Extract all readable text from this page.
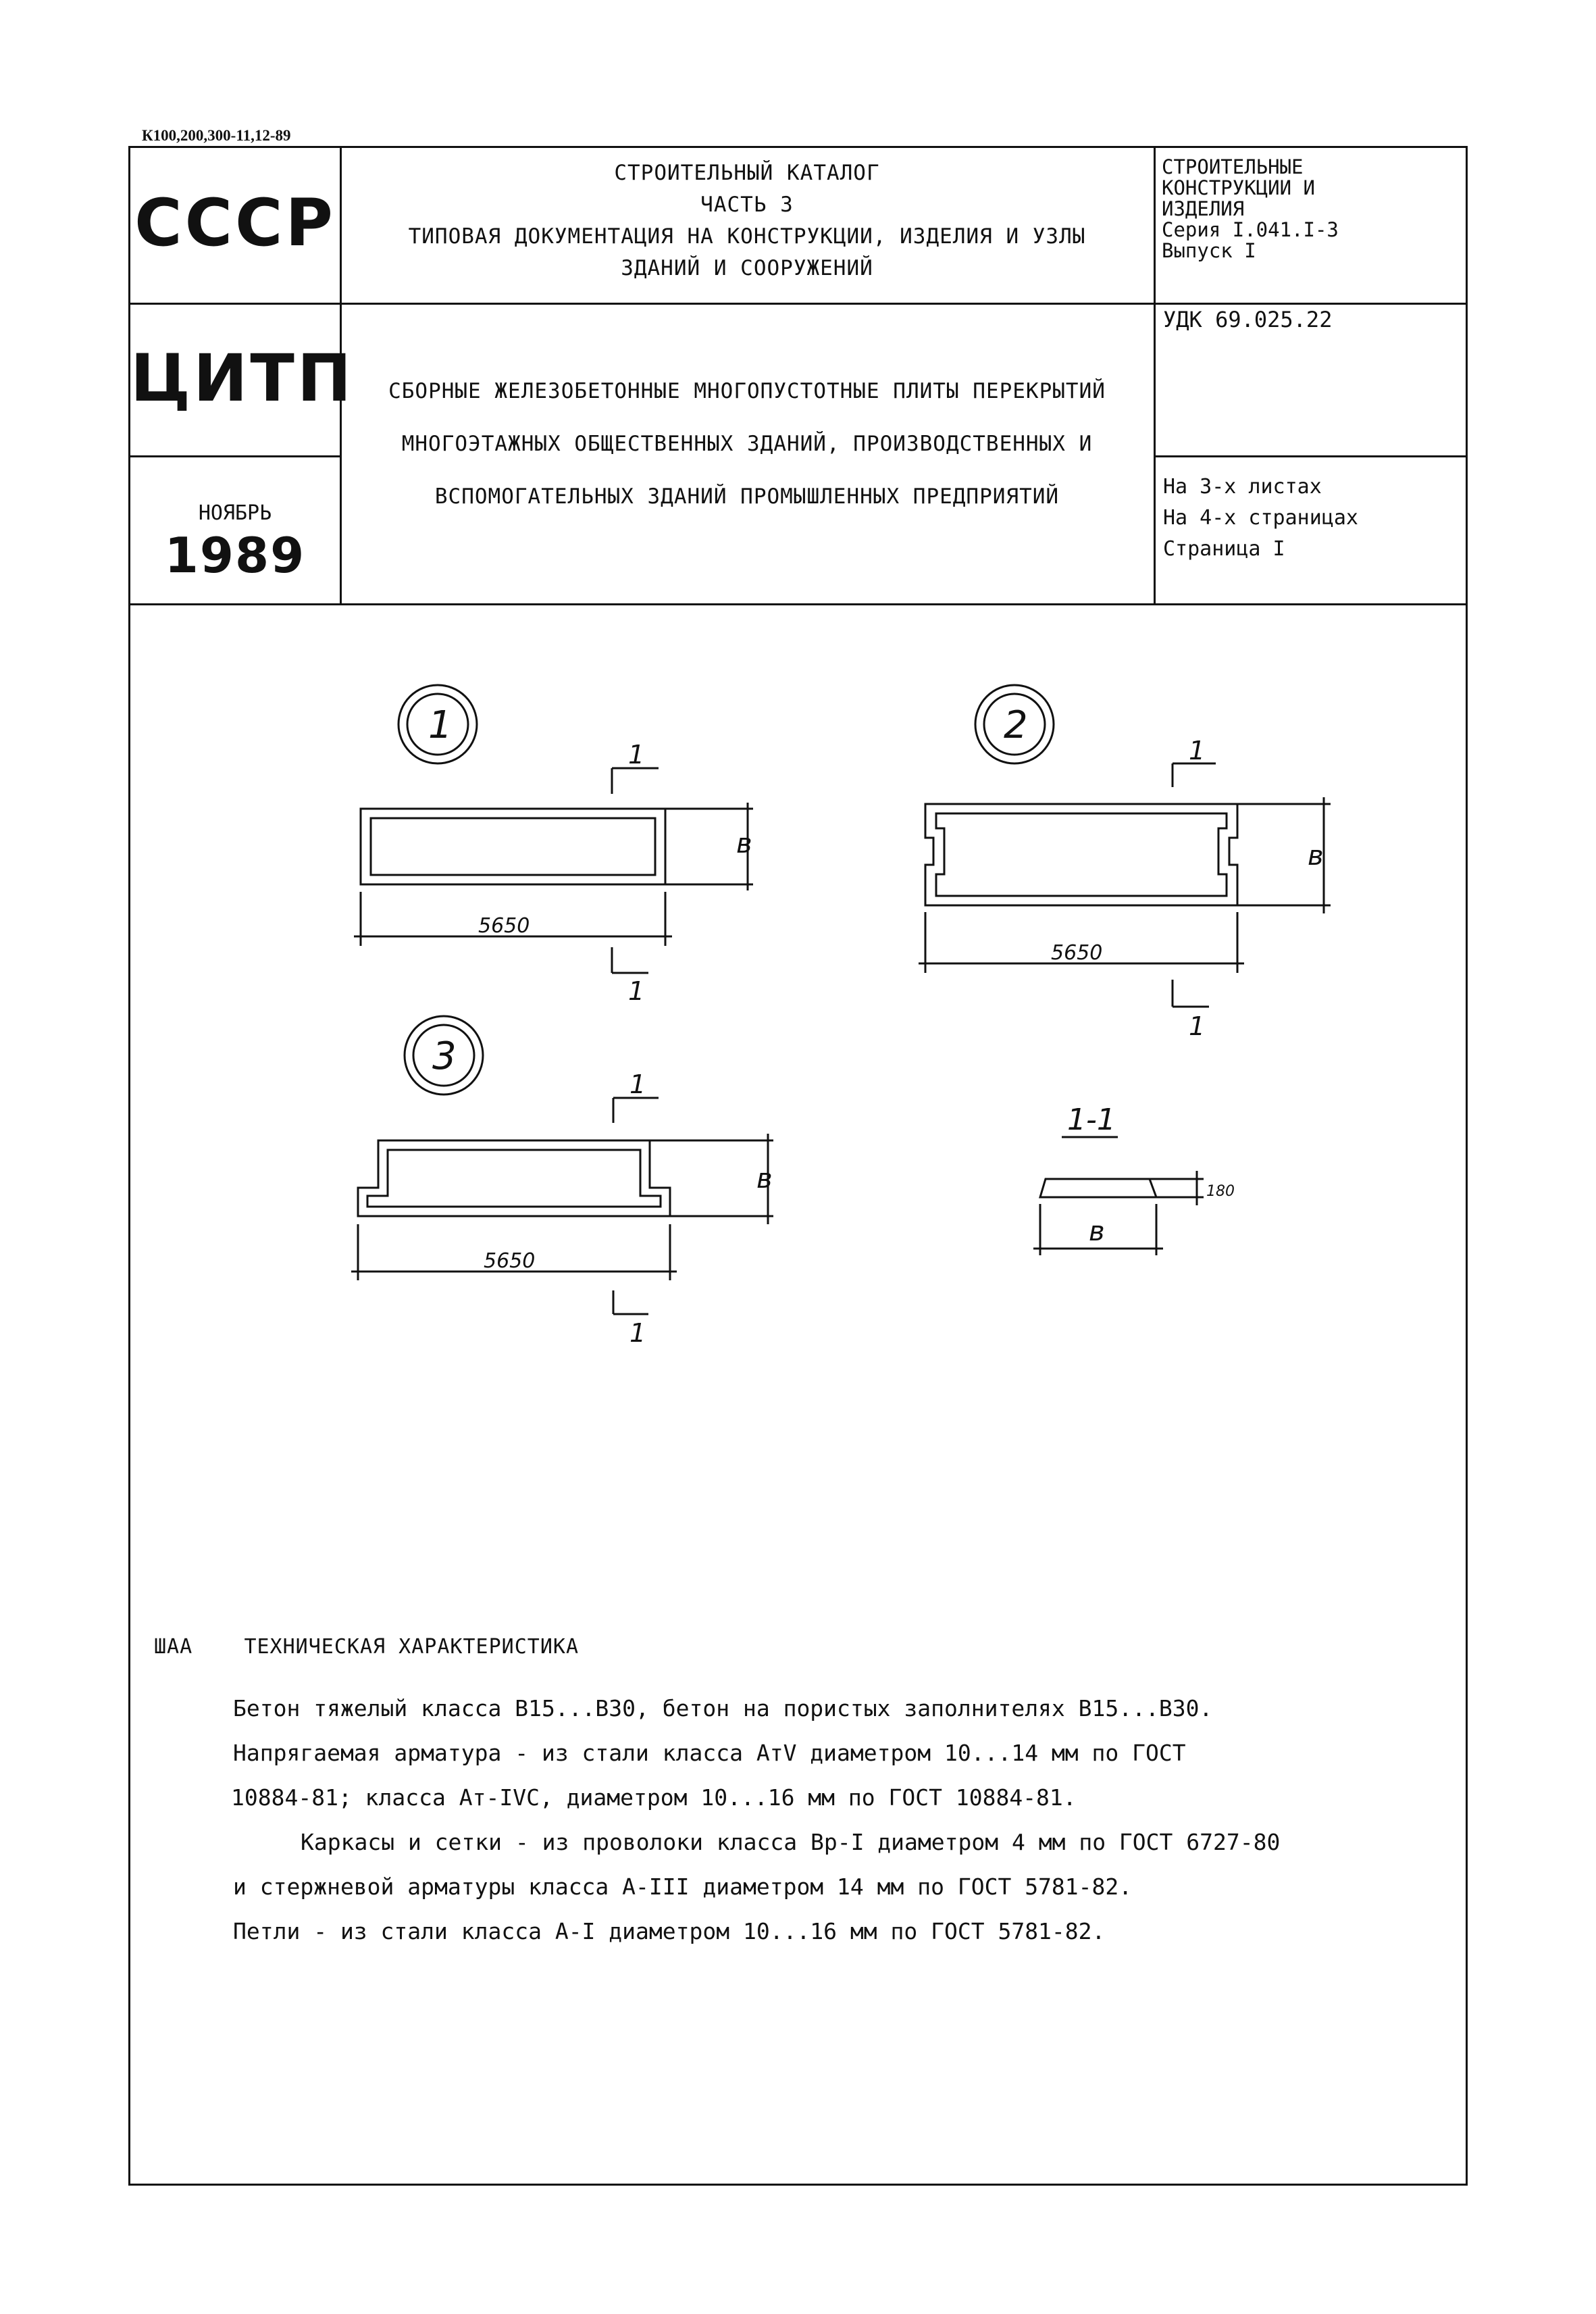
К100,200,300-11,12-89
СССР
ЦИТП
НОЯБРЬ
1989
СТРОИТЕЛЬНЫЙ КАТАЛОГ
ЧАСТЬ 3
ТИПОВАЯ ДОКУМЕНТАЦИЯ НА КОНСТРУКЦИИ, ИЗДЕЛИЯ И УЗЛЫ
ЗДАНИЙ И СООРУЖЕНИЙ
СБОРНЫЕ ЖЕЛЕЗОБЕТОННЫЕ МНОГОПУСТОТНЫЕ ПЛИТЫ ПЕРЕКРЫТИЙ
МНОГОЭТАЖНЫХ ОБЩЕСТВЕННЫХ ЗДАНИЙ, ПРОИЗВОДСТВЕННЫХ И
ВСПОМОГАТЕЛЬНЫХ ЗДАНИЙ ПРОМЫШЛЕННЫХ ПРЕДПРИЯТИЙ
СТРОИТЕЛЬНЫЕ
КОНСТРУКЦИИ И
ИЗДЕЛИЯ
Серия I.041.I-3
Выпуск I
УДК 69.025.22
На 3-х листах
На 4-х страницах
Страница I
1	2
3
5650
5650
5650
в	в
в
1
1
1
1
1
1
1-1
в
180
ШАА	ТЕХНИЧЕСКАЯ ХАРАКТЕРИСТИКА
Бетон тяжелый класса В15...В30, бетон на пористых заполнителях В15...В30.
Напрягаемая арматура - из стали класса АтV диаметром 10...14 мм по ГОСТ
10884-81; класса Ат-IVС, диаметром 10...16 мм по ГОСТ 10884-81.
Каркасы и сетки - из проволоки класса Вр-I диаметром 4 мм по ГОСТ 6727-80
и стержневой арматуры класса А-III диаметром 14 мм по ГОСТ 5781-82.
Петли - из стали класса А-I диаметром 10...16 мм по ГОСТ 5781-82.
